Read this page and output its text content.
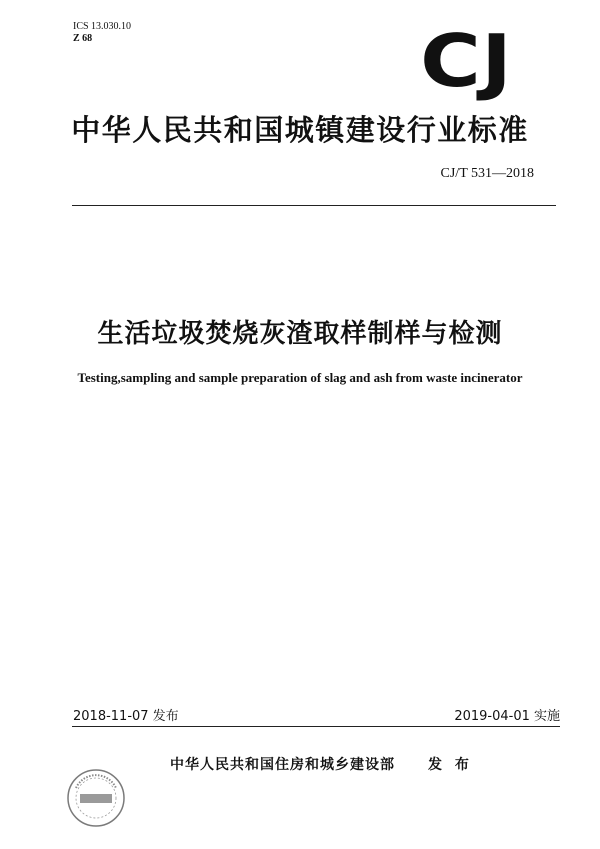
ICS 13.030.10
Z 68	C J
中华人民共和国城镇建设行业标准
CJ/T 531—2018
生活垃圾焚烧灰渣取样制样与检测
Testing,sampling and sample preparation of slag and ash from waste incinerator
2018-11-07 发布	2019-04-01 实施
中华人民共和国住房和城乡建设部 发 布
